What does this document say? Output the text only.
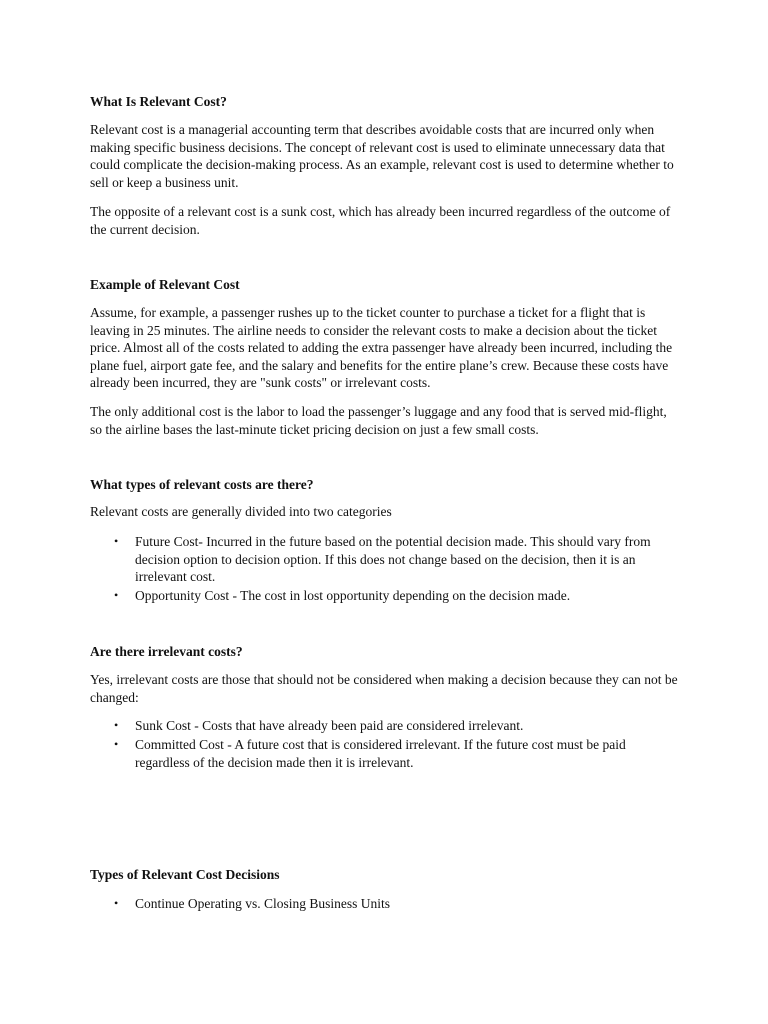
What Is Relevant Cost?

Relevant cost is a managerial accounting term that describes avoidable costs that are incurred only when making specific business decisions. The concept of relevant cost is used to eliminate unnecessary data that could complicate the decision-making process. As an example, relevant cost is used to determine whether to sell or keep a business unit.

The opposite of a relevant cost is a sunk cost, which has already been incurred regardless of the outcome of the current decision.

Example of Relevant Cost

Assume, for example, a passenger rushes up to the ticket counter to purchase a ticket for a flight that is leaving in 25 minutes. The airline needs to consider the relevant costs to make a decision about the ticket price. Almost all of the costs related to adding the extra passenger have already been incurred, including the plane fuel, airport gate fee, and the salary and benefits for the entire plane’s crew. Because these costs have already been incurred, they are "sunk costs" or irrelevant costs.

The only additional cost is the labor to load the passenger’s luggage and any food that is served mid-flight, so the airline bases the last-minute ticket pricing decision on just a few small costs.

What types of relevant costs are there?

Relevant costs are generally divided into two categories

• Future Cost- Incurred in the future based on the potential decision made. This should vary from decision option to decision option. If this does not change based on the decision, then it is an irrelevant cost.
• Opportunity Cost - The cost in lost opportunity depending on the decision made.
Are there irrelevant costs?

Yes, irrelevant costs are those that should not be considered when making a decision because they can not be changed:

• Sunk Cost - Costs that have already been paid are considered irrelevant.
• Committed Cost - A future cost that is considered irrelevant. If the future cost must be paid regardless of the decision made then it is irrelevant.
Types of Relevant Cost Decisions
• Continue Operating vs. Closing Business Units
